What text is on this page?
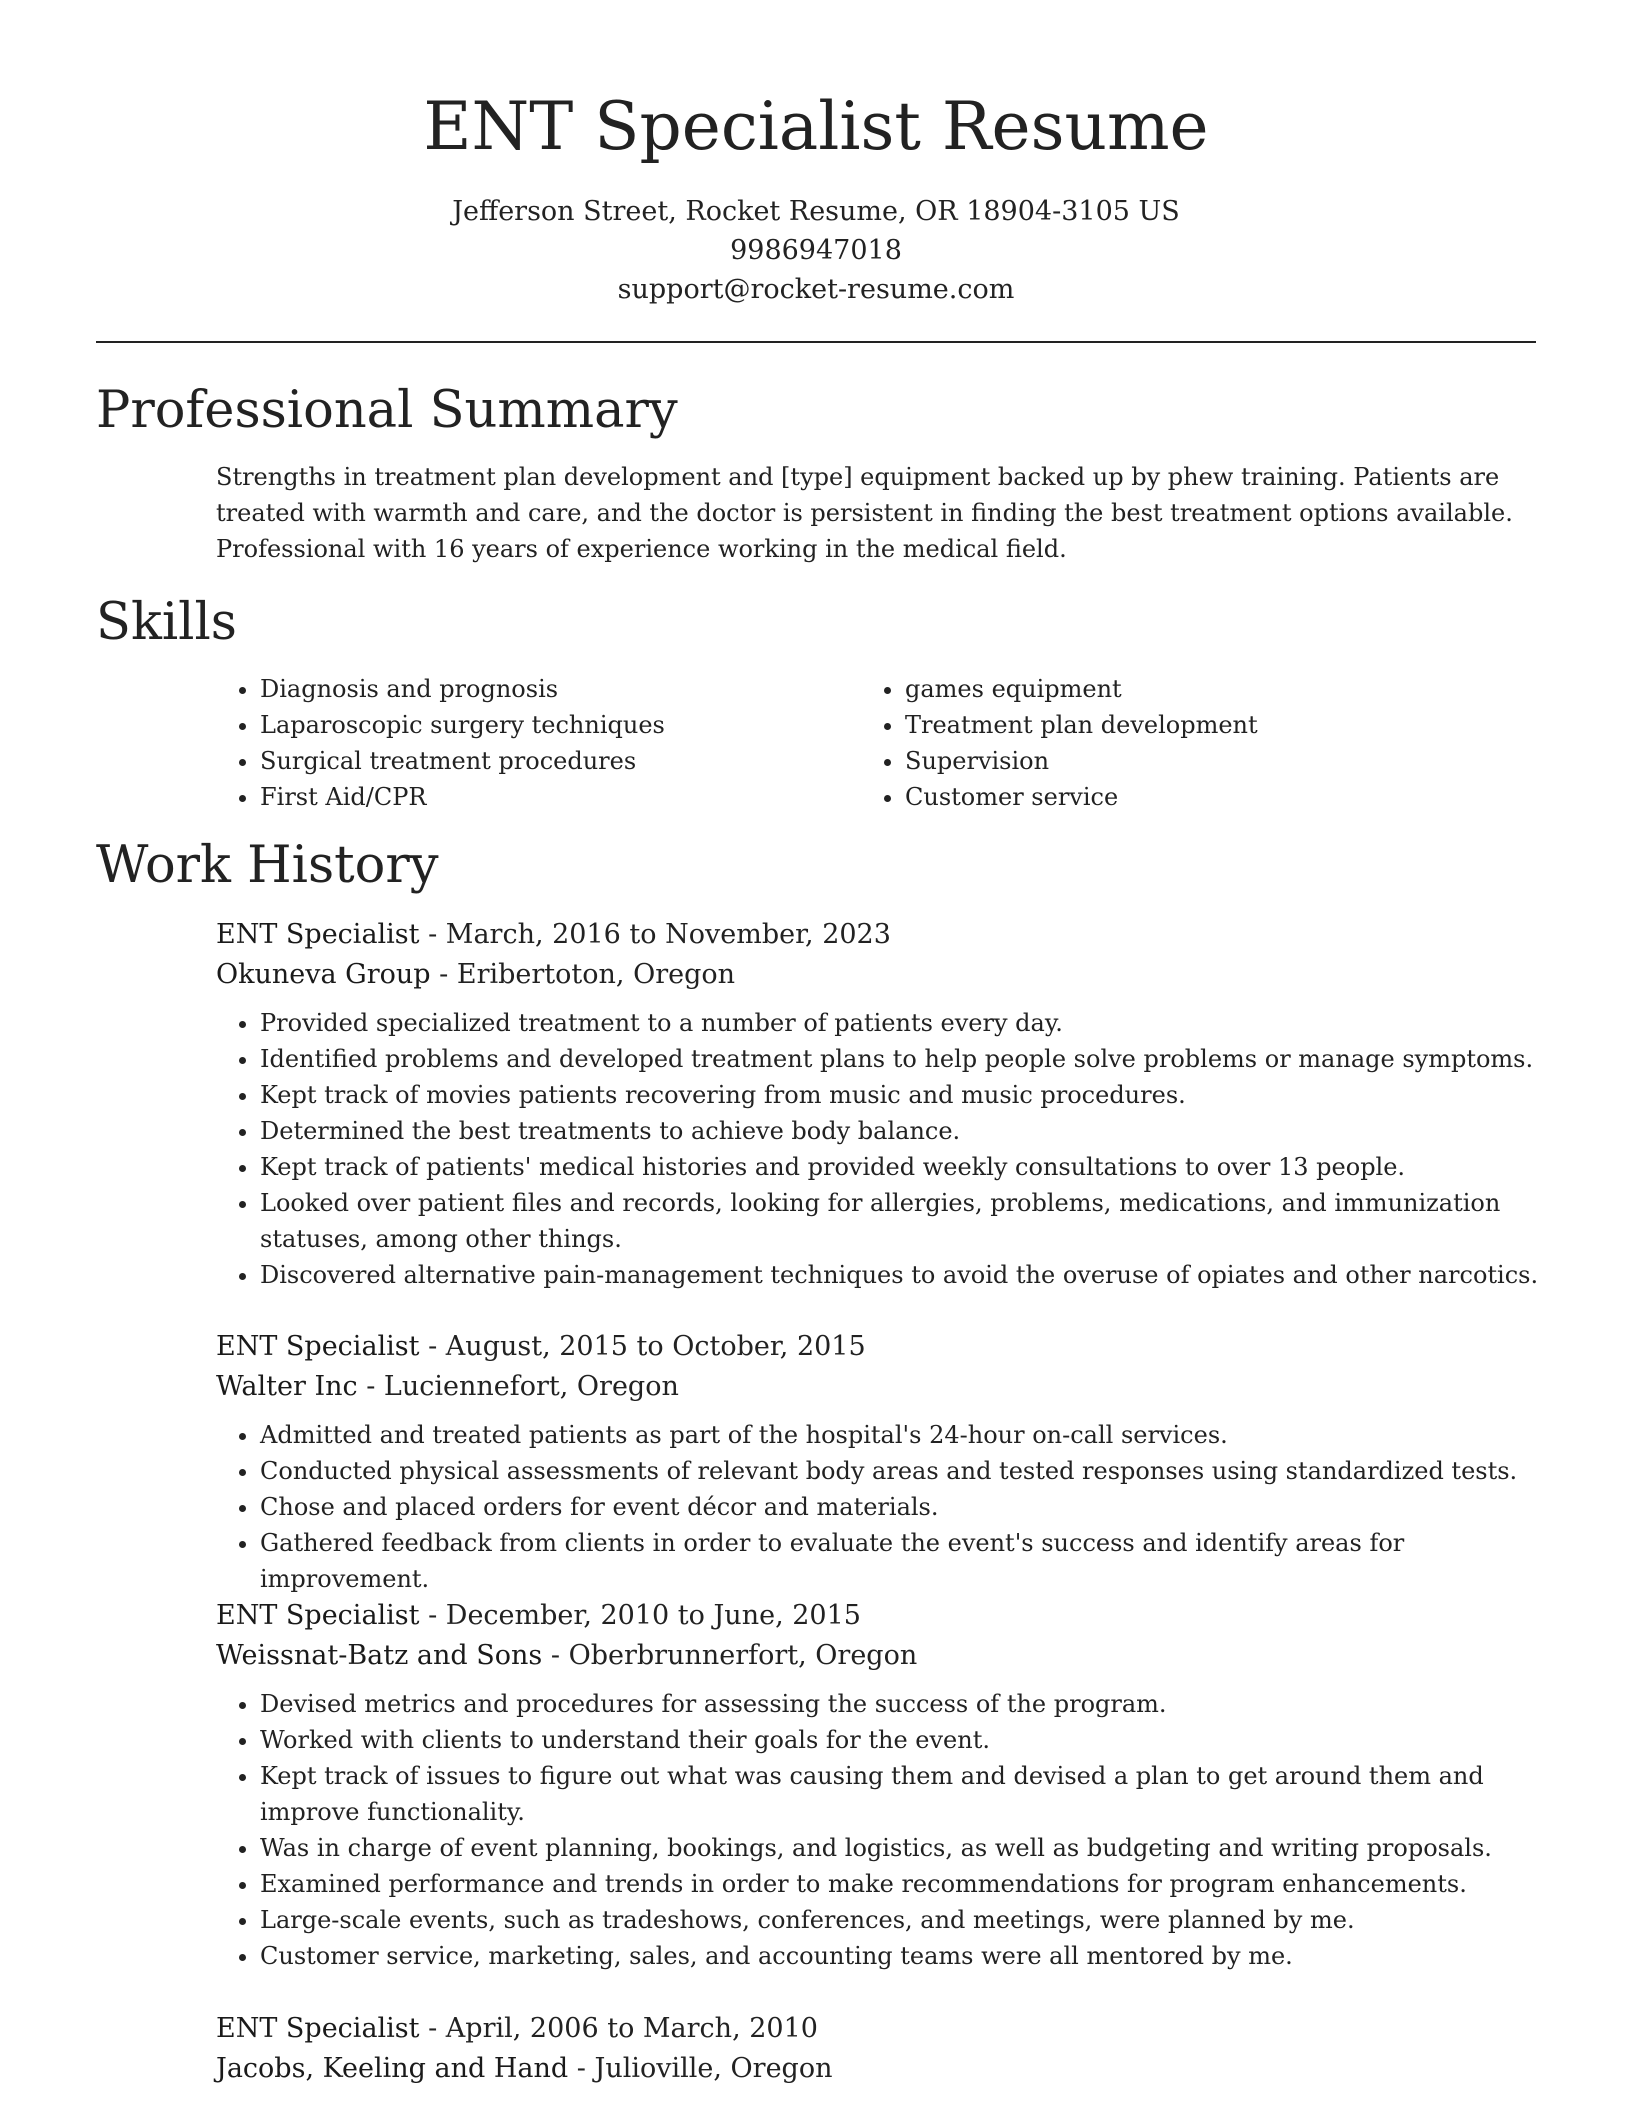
ENT Specialist Resume
Jefferson Street, Rocket Resume, OR 18904-3105 US
9986947018
support@rocket-resume.com
Professional Summary

Strengths in treatment plan development and [type] equipment backed up by phew training. Patients are treated with warmth and care, and the doctor is persistent in finding the best treatment options available. Professional with 16 years of experience working in the medical field.

Skills
• Diagnosis and prognosis
• Laparoscopic surgery techniques
• Surgical treatment procedures
• First Aid/CPR
• games equipment
• Treatment plan development
• Supervision
• Customer service
Work History
ENT Specialist - March, 2016 to November, 2023
Okuneva Group - Eribertoton, Oregon
• Provided specialized treatment to a number of patients every day.
• Identified problems and developed treatment plans to help people solve problems or manage symptoms.
• Kept track of movies patients recovering from music and music procedures.
• Determined the best treatments to achieve body balance.
• Kept track of patients' medical histories and provided weekly consultations to over 13 people.
• Looked over patient files and records, looking for allergies, problems, medications, and immunization statuses, among other things.
• Discovered alternative pain-management techniques to avoid the overuse of opiates and other narcotics.
ENT Specialist - August, 2015 to October, 2015
Walter Inc - Luciennefort, Oregon
• Admitted and treated patients as part of the hospital's 24-hour on-call services.
• Conducted physical assessments of relevant body areas and tested responses using standardized tests.
• Chose and placed orders for event décor and materials.
• Gathered feedback from clients in order to evaluate the event's success and identify areas for improvement.
ENT Specialist - December, 2010 to June, 2015
Weissnat-Batz and Sons - Oberbrunnerfort, Oregon
• Devised metrics and procedures for assessing the success of the program.
• Worked with clients to understand their goals for the event.
• Kept track of issues to figure out what was causing them and devised a plan to get around them and improve functionality.
• Was in charge of event planning, bookings, and logistics, as well as budgeting and writing proposals.
• Examined performance and trends in order to make recommendations for program enhancements.
• Large-scale events, such as tradeshows, conferences, and meetings, were planned by me.
• Customer service, marketing, sales, and accounting teams were all mentored by me.
ENT Specialist - April, 2006 to March, 2010
Jacobs, Keeling and Hand - Julioville, Oregon
